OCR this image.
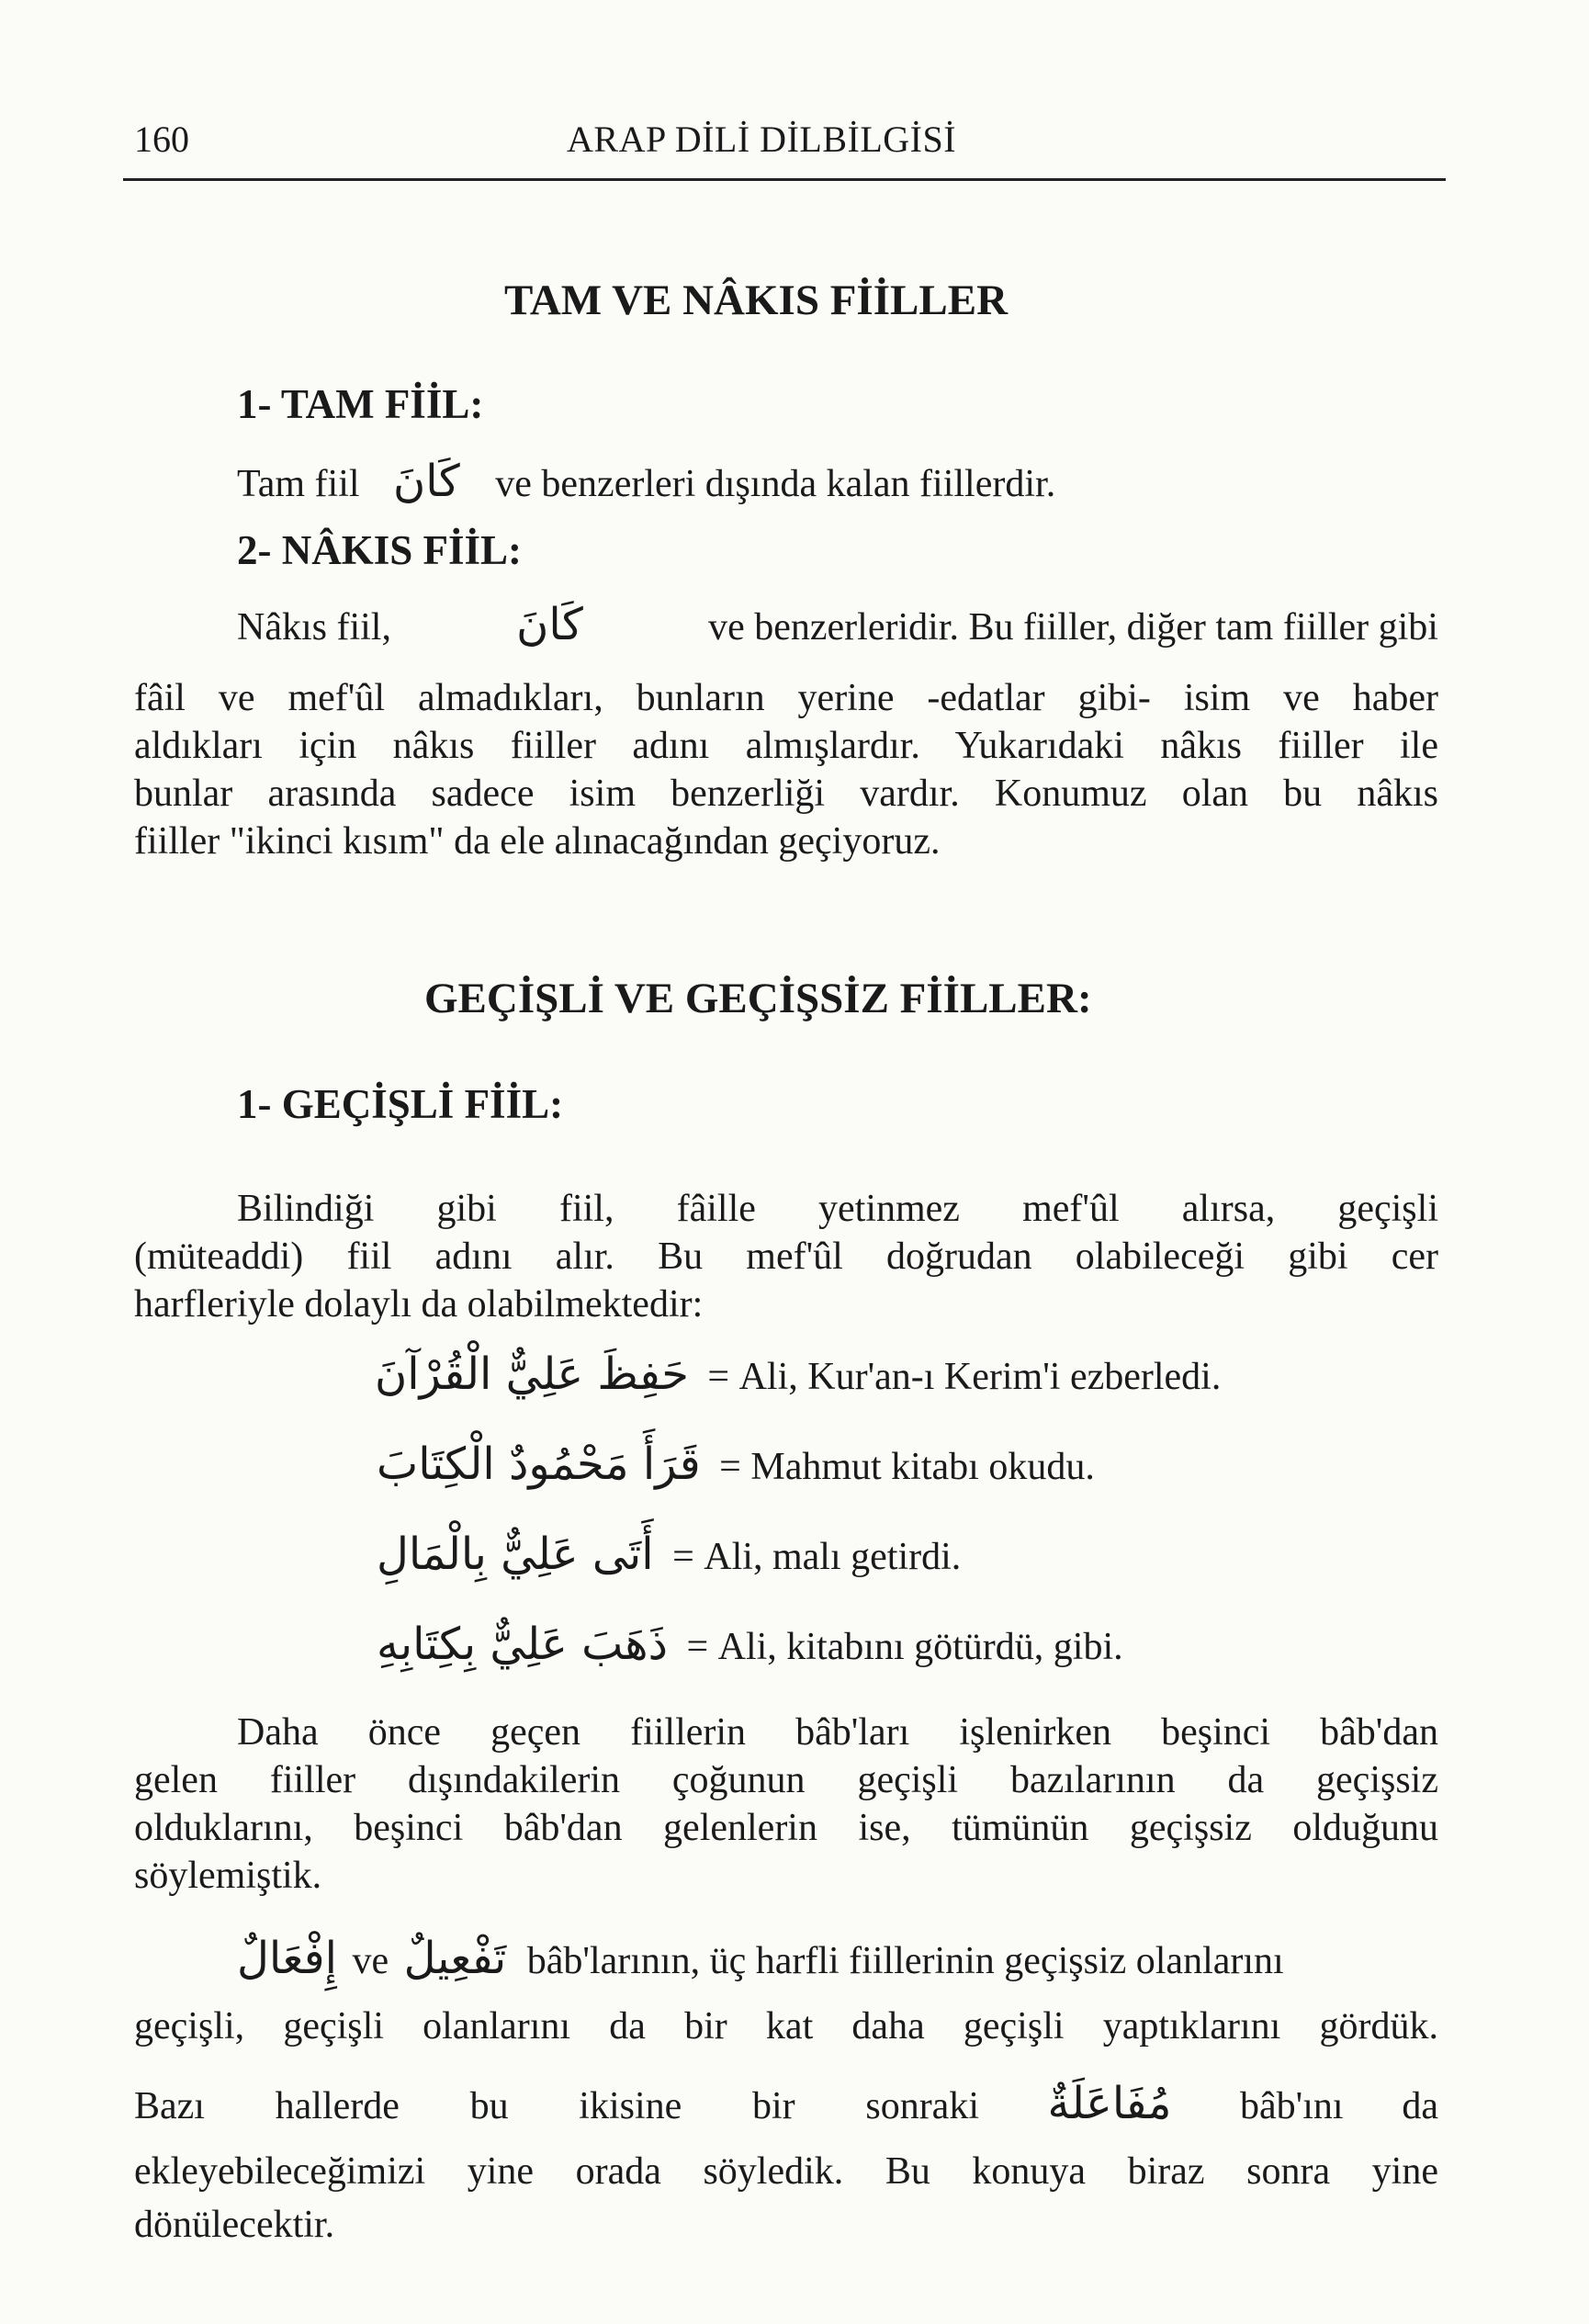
160	ARAP DİLİ DİLBİLGİSİ
TAM VE NÂKIS FİİLLER
1- TAM FİİL:
Tam fiil كَانَ ve benzerleri dışında kalan fiillerdir.
2- NÂKIS FİİL:
Nâkıs fiil,	كَانَ	ve benzerleridir. Bu fiiller, diğer tam fiiller gibi
fâil ve mef'ûl almadıkları, bunların yerine -edatlar gibi- isim ve haber
aldıkları için nâkıs fiiller adını almışlardır. Yukarıdaki nâkıs fiiller ile
bunlar arasında sadece isim benzerliği vardır. Konumuz olan bu nâkıs
fiiller "ikinci kısım" da ele alınacağından geçiyoruz.
GEÇİŞLİ VE GEÇİŞSİZ FİİLLER:
1- GEÇİŞLİ FİİL:
Bilindiği gibi fiil, fâille yetinmez mef'ûl alırsa, geçişli
(müteaddi) fiil adını alır. Bu mef'ûl doğrudan olabileceği gibi cer
harfleriyle dolaylı da olabilmektedir:
حَفِظَ عَلِيٌّ الْقُرْآنَ = Ali, Kur'an-ı Kerim'i ezberledi.
قَرَأَ مَحْمُودٌ الْكِتَابَ = Mahmut kitabı okudu.
أَتَى عَلِيٌّ بِالْمَالِ = Ali, malı getirdi.
ذَهَبَ عَلِيٌّ بِكِتَابِهِ = Ali, kitabını götürdü, gibi.
Daha önce geçen fiillerin bâb'ları işlenirken beşinci bâb'dan
gelen fiiller dışındakilerin çoğunun geçişli bazılarının da geçişsiz
olduklarını, beşinci bâb'dan gelenlerin ise, tümünün geçişsiz olduğunu
söylemiştik.
إِفْعَالٌ ve تَفْعِيلٌ bâb'larının, üç harfli fiillerinin geçişsiz olanlarını
geçişli, geçişli olanlarını da bir kat daha geçişli yaptıklarını gördük.
Bazı hallerde bu ikisine bir sonraki مُفَاعَلَةٌ bâb'ını da
ekleyebileceğimizi yine orada söyledik. Bu konuya biraz sonra yine
dönülecektir.
